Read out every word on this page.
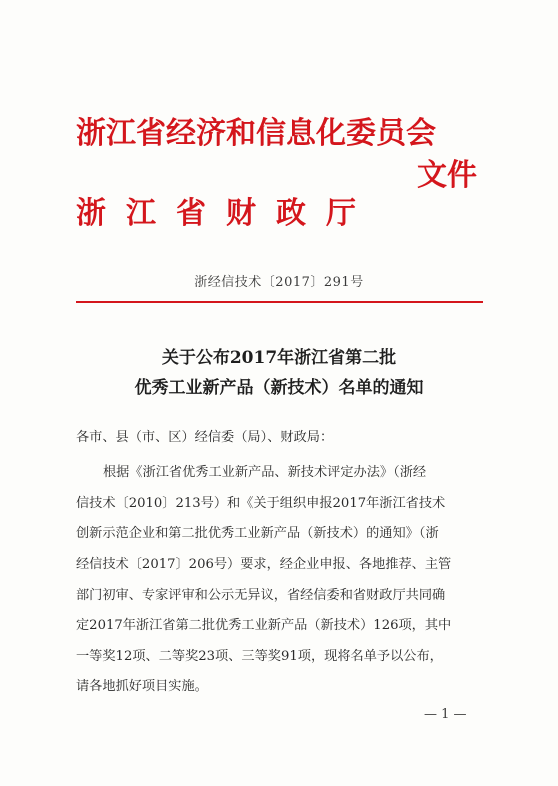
浙江省经济和信息化委员会
文件
浙江省财政厅
浙经信技术〔2017〕291号
关于公布2017年浙江省第二批
优秀工业新产品（新技术）名单的通知
各市、县（市、区）经信委（局）、财政局：
根据《浙江省优秀工业新产品、新技术评定办法》（浙经
信技术〔2010〕213号）和《关于组织申报2017年浙江省技术
创新示范企业和第二批优秀工业新产品（新技术）的通知》（浙
经信技术〔2017〕206号）要求，经企业申报、各地推荐、主管
部门初审、专家评审和公示无异议，省经信委和省财政厅共同确
定2017年浙江省第二批优秀工业新产品（新技术）126项，其中
一等奖12项、二等奖23项、三等奖91项，现将名单予以公布，
请各地抓好项目实施。
— 1 —
